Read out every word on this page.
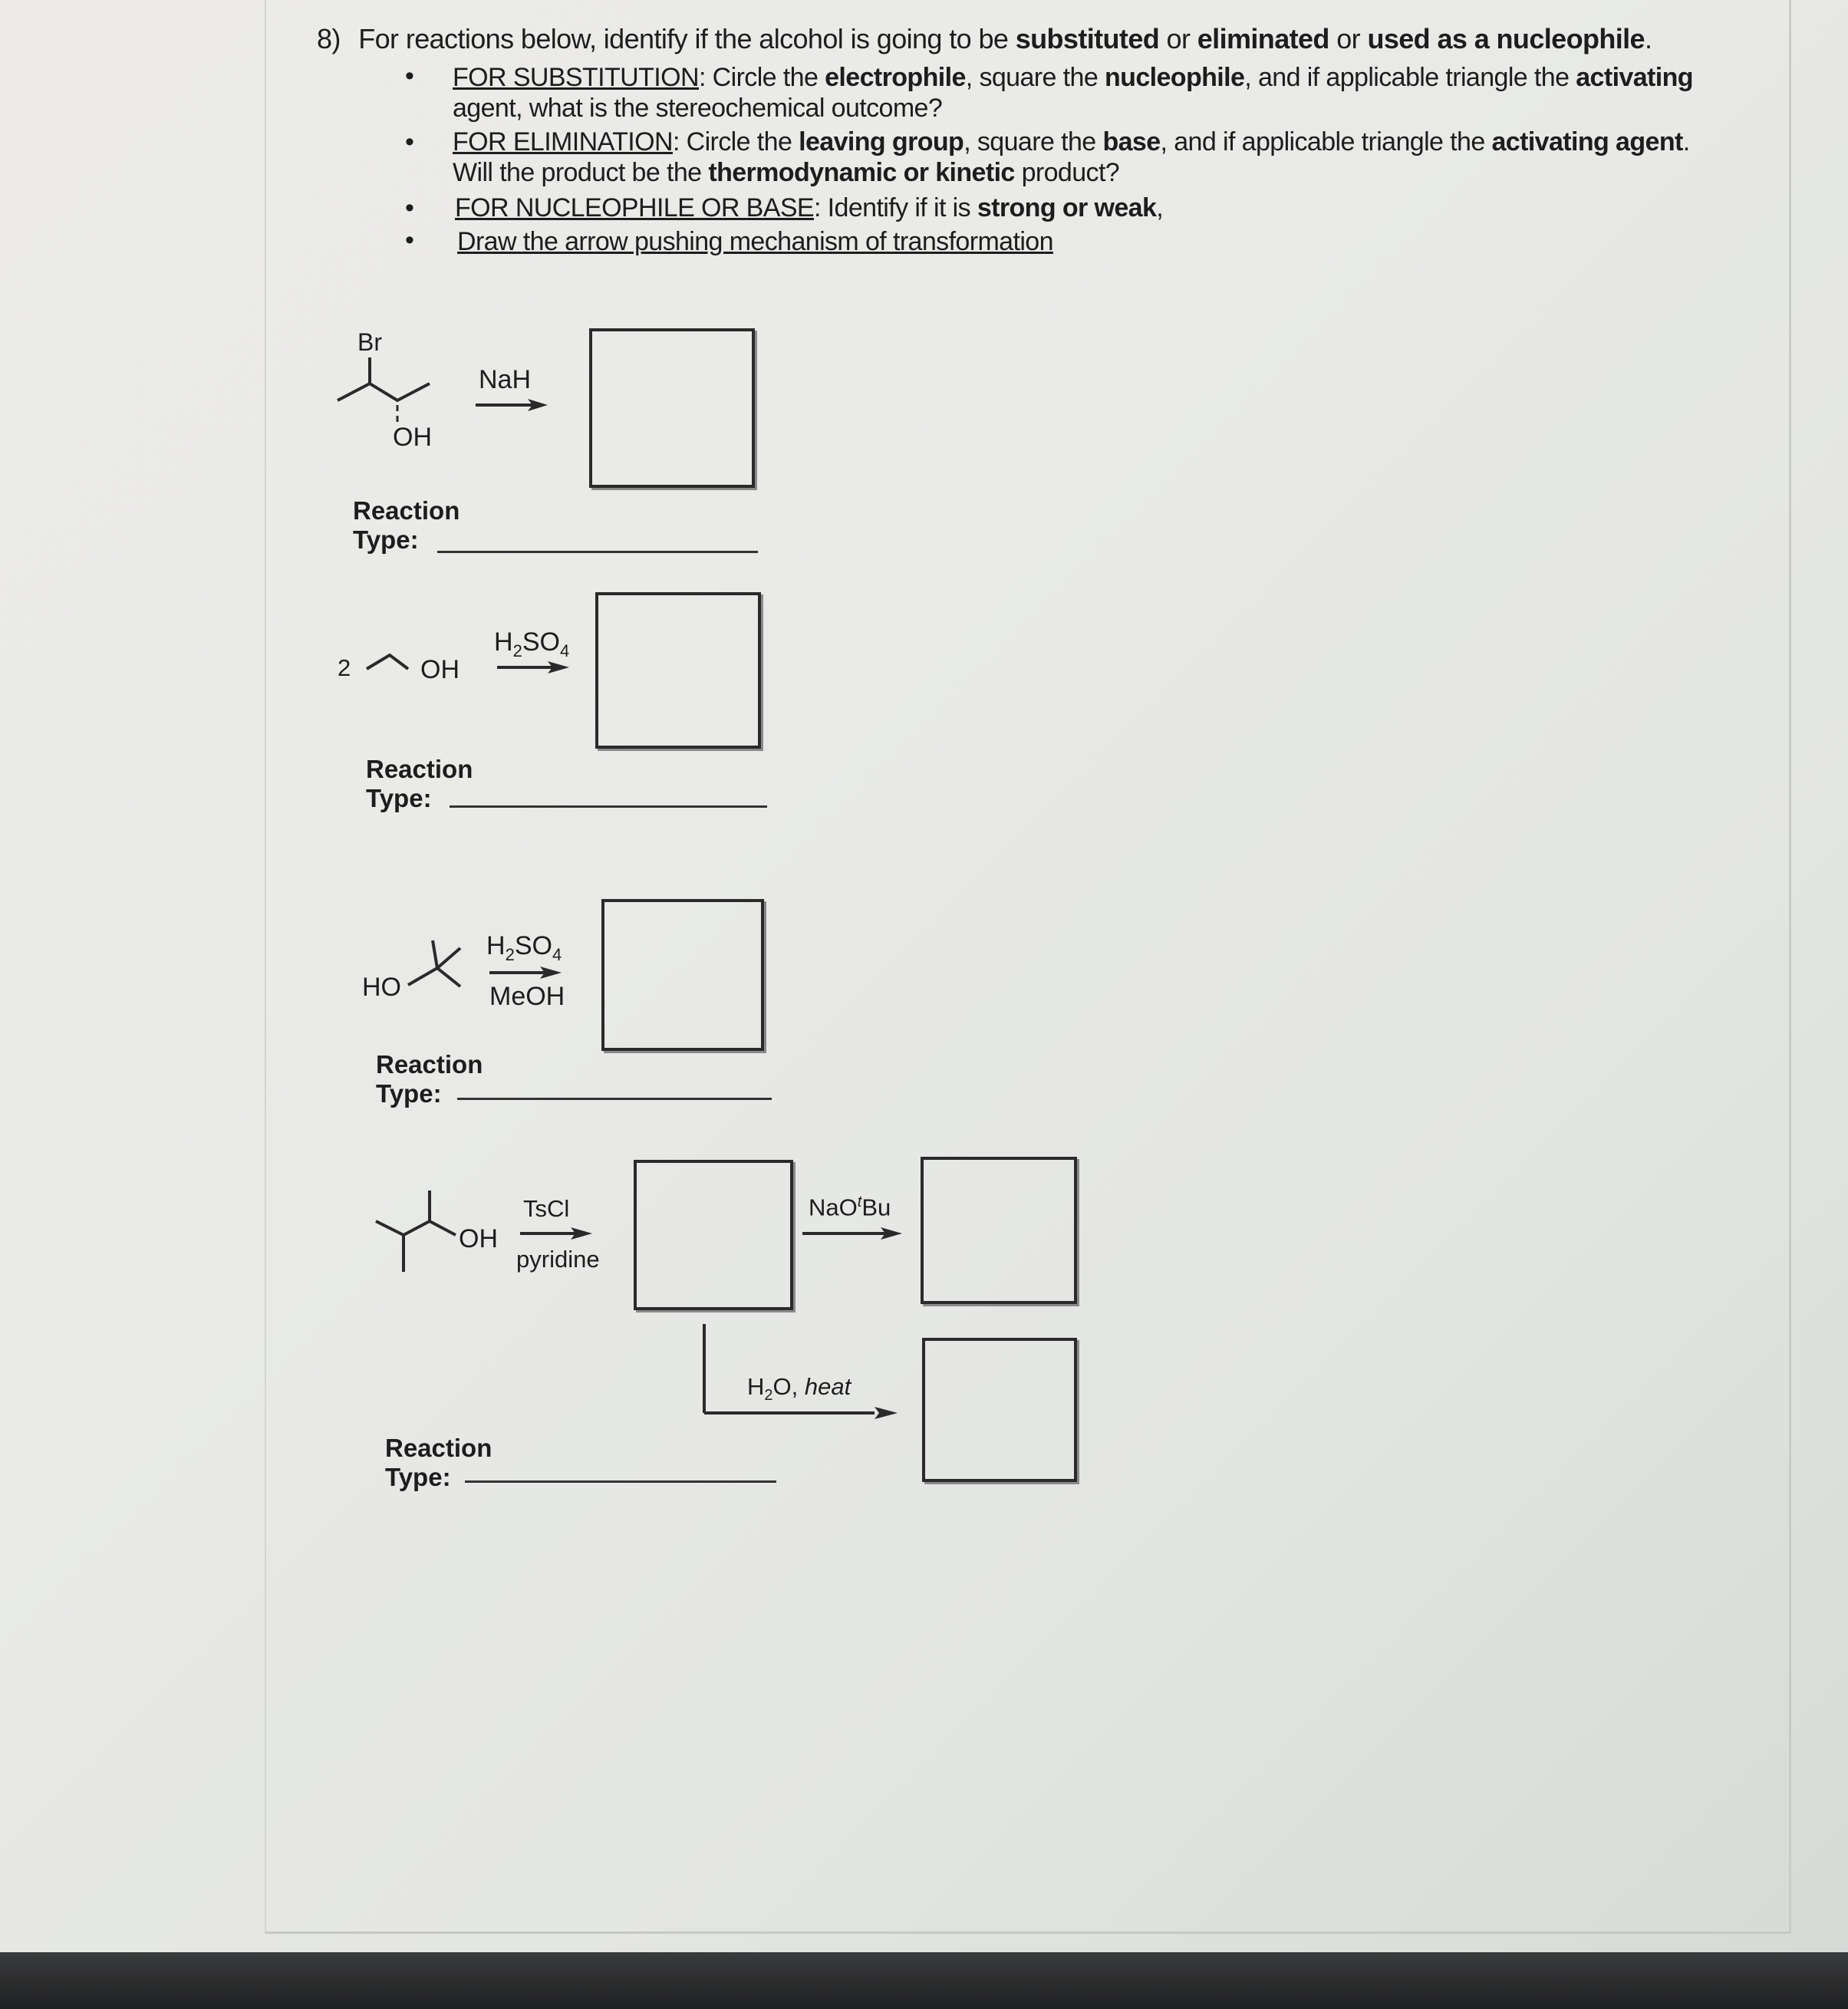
8) For reactions below, identify if the alcohol is going to be substituted or eliminated or used as a nucleophile.
• FOR SUBSTITUTION: Circle the electrophile, square the nucleophile, and if applicable triangle the activating
agent, what is the stereochemical outcome?
• FOR ELIMINATION: Circle the leaving group, square the base, and if applicable triangle the activating agent.
Will the product be the thermodynamic or kinetic product?
• FOR NUCLEOPHILE OR BASE: Identify if it is strong or weak,
• Draw the arrow pushing mechanism of transformation
Br
OH
NaH
Reaction
Type:
2	OH
$H_2SO_4$
Reaction
Type:
HO
$H_2SO_4$
MeOH
Reaction
Type:
OH
TsCl
pyridine
NaO$^t$Bu
$H_2O$, heat
Reaction
Type:
